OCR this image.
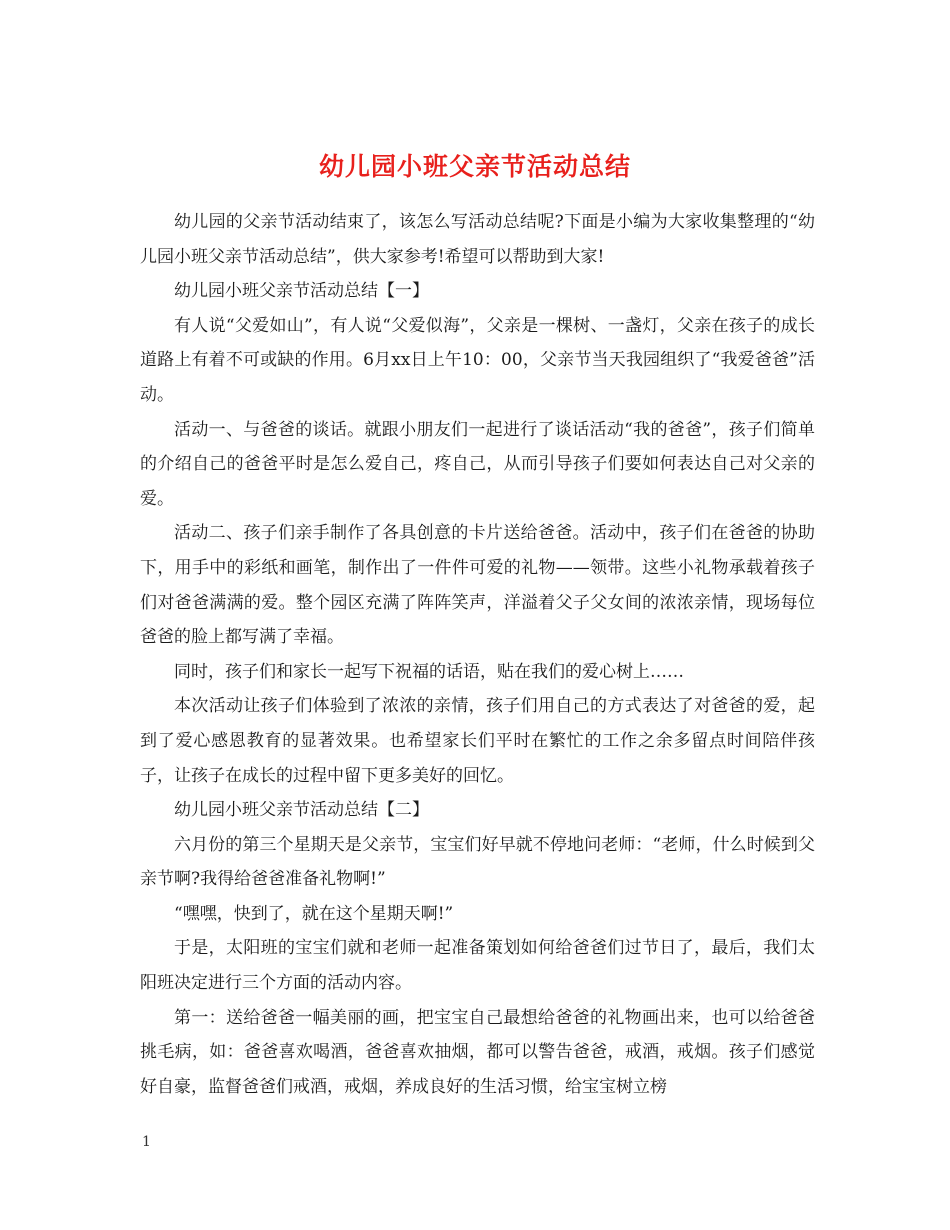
幼儿园小班父亲节活动总结

幼儿园的父亲节活动结束了，该怎么写活动总结呢?下面是小编为大家收集整理的“幼儿园小班父亲节活动总结”，供大家参考!希望可以帮助到大家!

幼儿园小班父亲节活动总结【一】

有人说“父爱如山”，有人说“父爱似海”，父亲是一棵树、一盏灯，父亲在孩子的成长道路上有着不可或缺的作用。6月xx日上午10：00，父亲节当天我园组织了“我爱爸爸”活动。

活动一、与爸爸的谈话。就跟小朋友们一起进行了谈话活动“我的爸爸”，孩子们简单的介绍自己的爸爸平时是怎么爱自己，疼自己，从而引导孩子们要如何表达自己对父亲的爱。

活动二、孩子们亲手制作了各具创意的卡片送给爸爸。活动中，孩子们在爸爸的协助下，用手中的彩纸和画笔，制作出了一件件可爱的礼物——领带。这些小礼物承载着孩子们对爸爸满满的爱。整个园区充满了阵阵笑声，洋溢着父子父女间的浓浓亲情，现场每位爸爸的脸上都写满了幸福。

同时，孩子们和家长一起写下祝福的话语，贴在我们的爱心树上……

本次活动让孩子们体验到了浓浓的亲情，孩子们用自己的方式表达了对爸爸的爱，起到了爱心感恩教育的显著效果。也希望家长们平时在繁忙的工作之余多留点时间陪伴孩子，让孩子在成长的过程中留下更多美好的回忆。

幼儿园小班父亲节活动总结【二】

六月份的第三个星期天是父亲节，宝宝们好早就不停地问老师：“老师，什么时候到父亲节啊?我得给爸爸准备礼物啊!”

“嘿嘿，快到了，就在这个星期天啊!”

于是，太阳班的宝宝们就和老师一起准备策划如何给爸爸们过节日了，最后，我们太阳班决定进行三个方面的活动内容。

第一：送给爸爸一幅美丽的画，把宝宝自己最想给爸爸的礼物画出来，也可以给爸爸挑毛病，如：爸爸喜欢喝酒，爸爸喜欢抽烟，都可以警告爸爸，戒酒，戒烟。孩子们感觉好自豪，监督爸爸们戒酒，戒烟，养成良好的生活习惯，给宝宝树立榜

1
